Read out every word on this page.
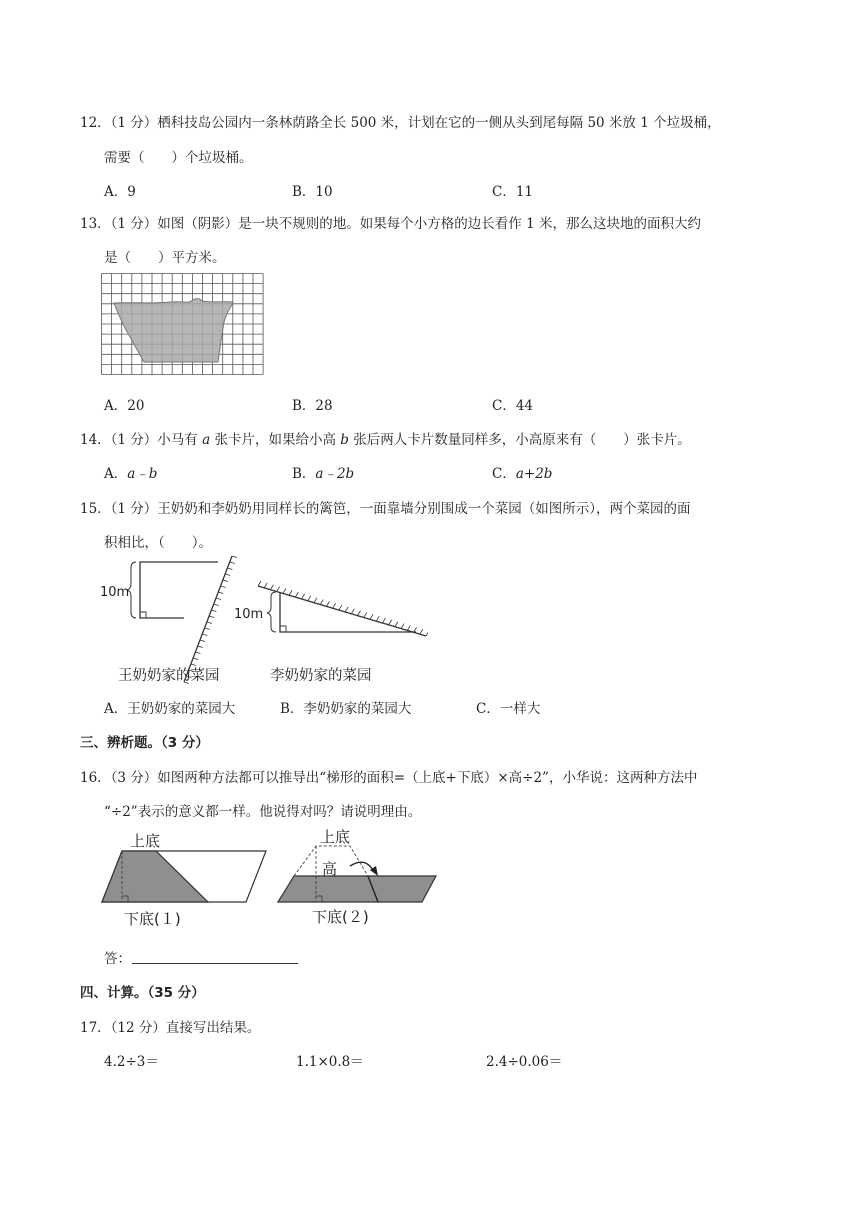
12．（1 分）栖科技岛公园内一条林荫路全长 500 米，计划在它的一侧从头到尾每隔 50 米放 1 个垃圾桶，
需要（　　）个垃圾桶。
A．9	B．10	C．11
13．（1 分）如图（阴影）是一块不规则的地。如果每个小方格的边长看作 1 米，那么这块地的面积大约
是（　　）平方米。
A．20	B．28	C．44
14．（1 分）小马有 a 张卡片，如果给小高 b 张后两人卡片数量同样多，小高原来有（　　）张卡片。
A．a﹣b	B．a﹣2b	C．a+2b
15．（1 分）王奶奶和李奶奶用同样长的篱笆，一面靠墙分别围成一个菜园（如图所示），两个菜园的面
积相比，（　　）。
10m
10m
王奶奶家的菜园	李奶奶家的菜园
A．王奶奶家的菜园大	B．李奶奶家的菜园大	C．一样大
三、辨析题。（3 分）
16．（3 分）如图两种方法都可以推导出“梯形的面积=（上底+下底）×高÷2”，小华说：这两种方法中
“÷2”表示的意义都一样。他说得对吗？请说明理由。
上底
下底(１)
上底
高
下底(２)
答：
四、计算。（35 分）
17．（12 分）直接写出结果。
4.2÷3＝	1.1×0.8＝	2.4÷0.06＝
